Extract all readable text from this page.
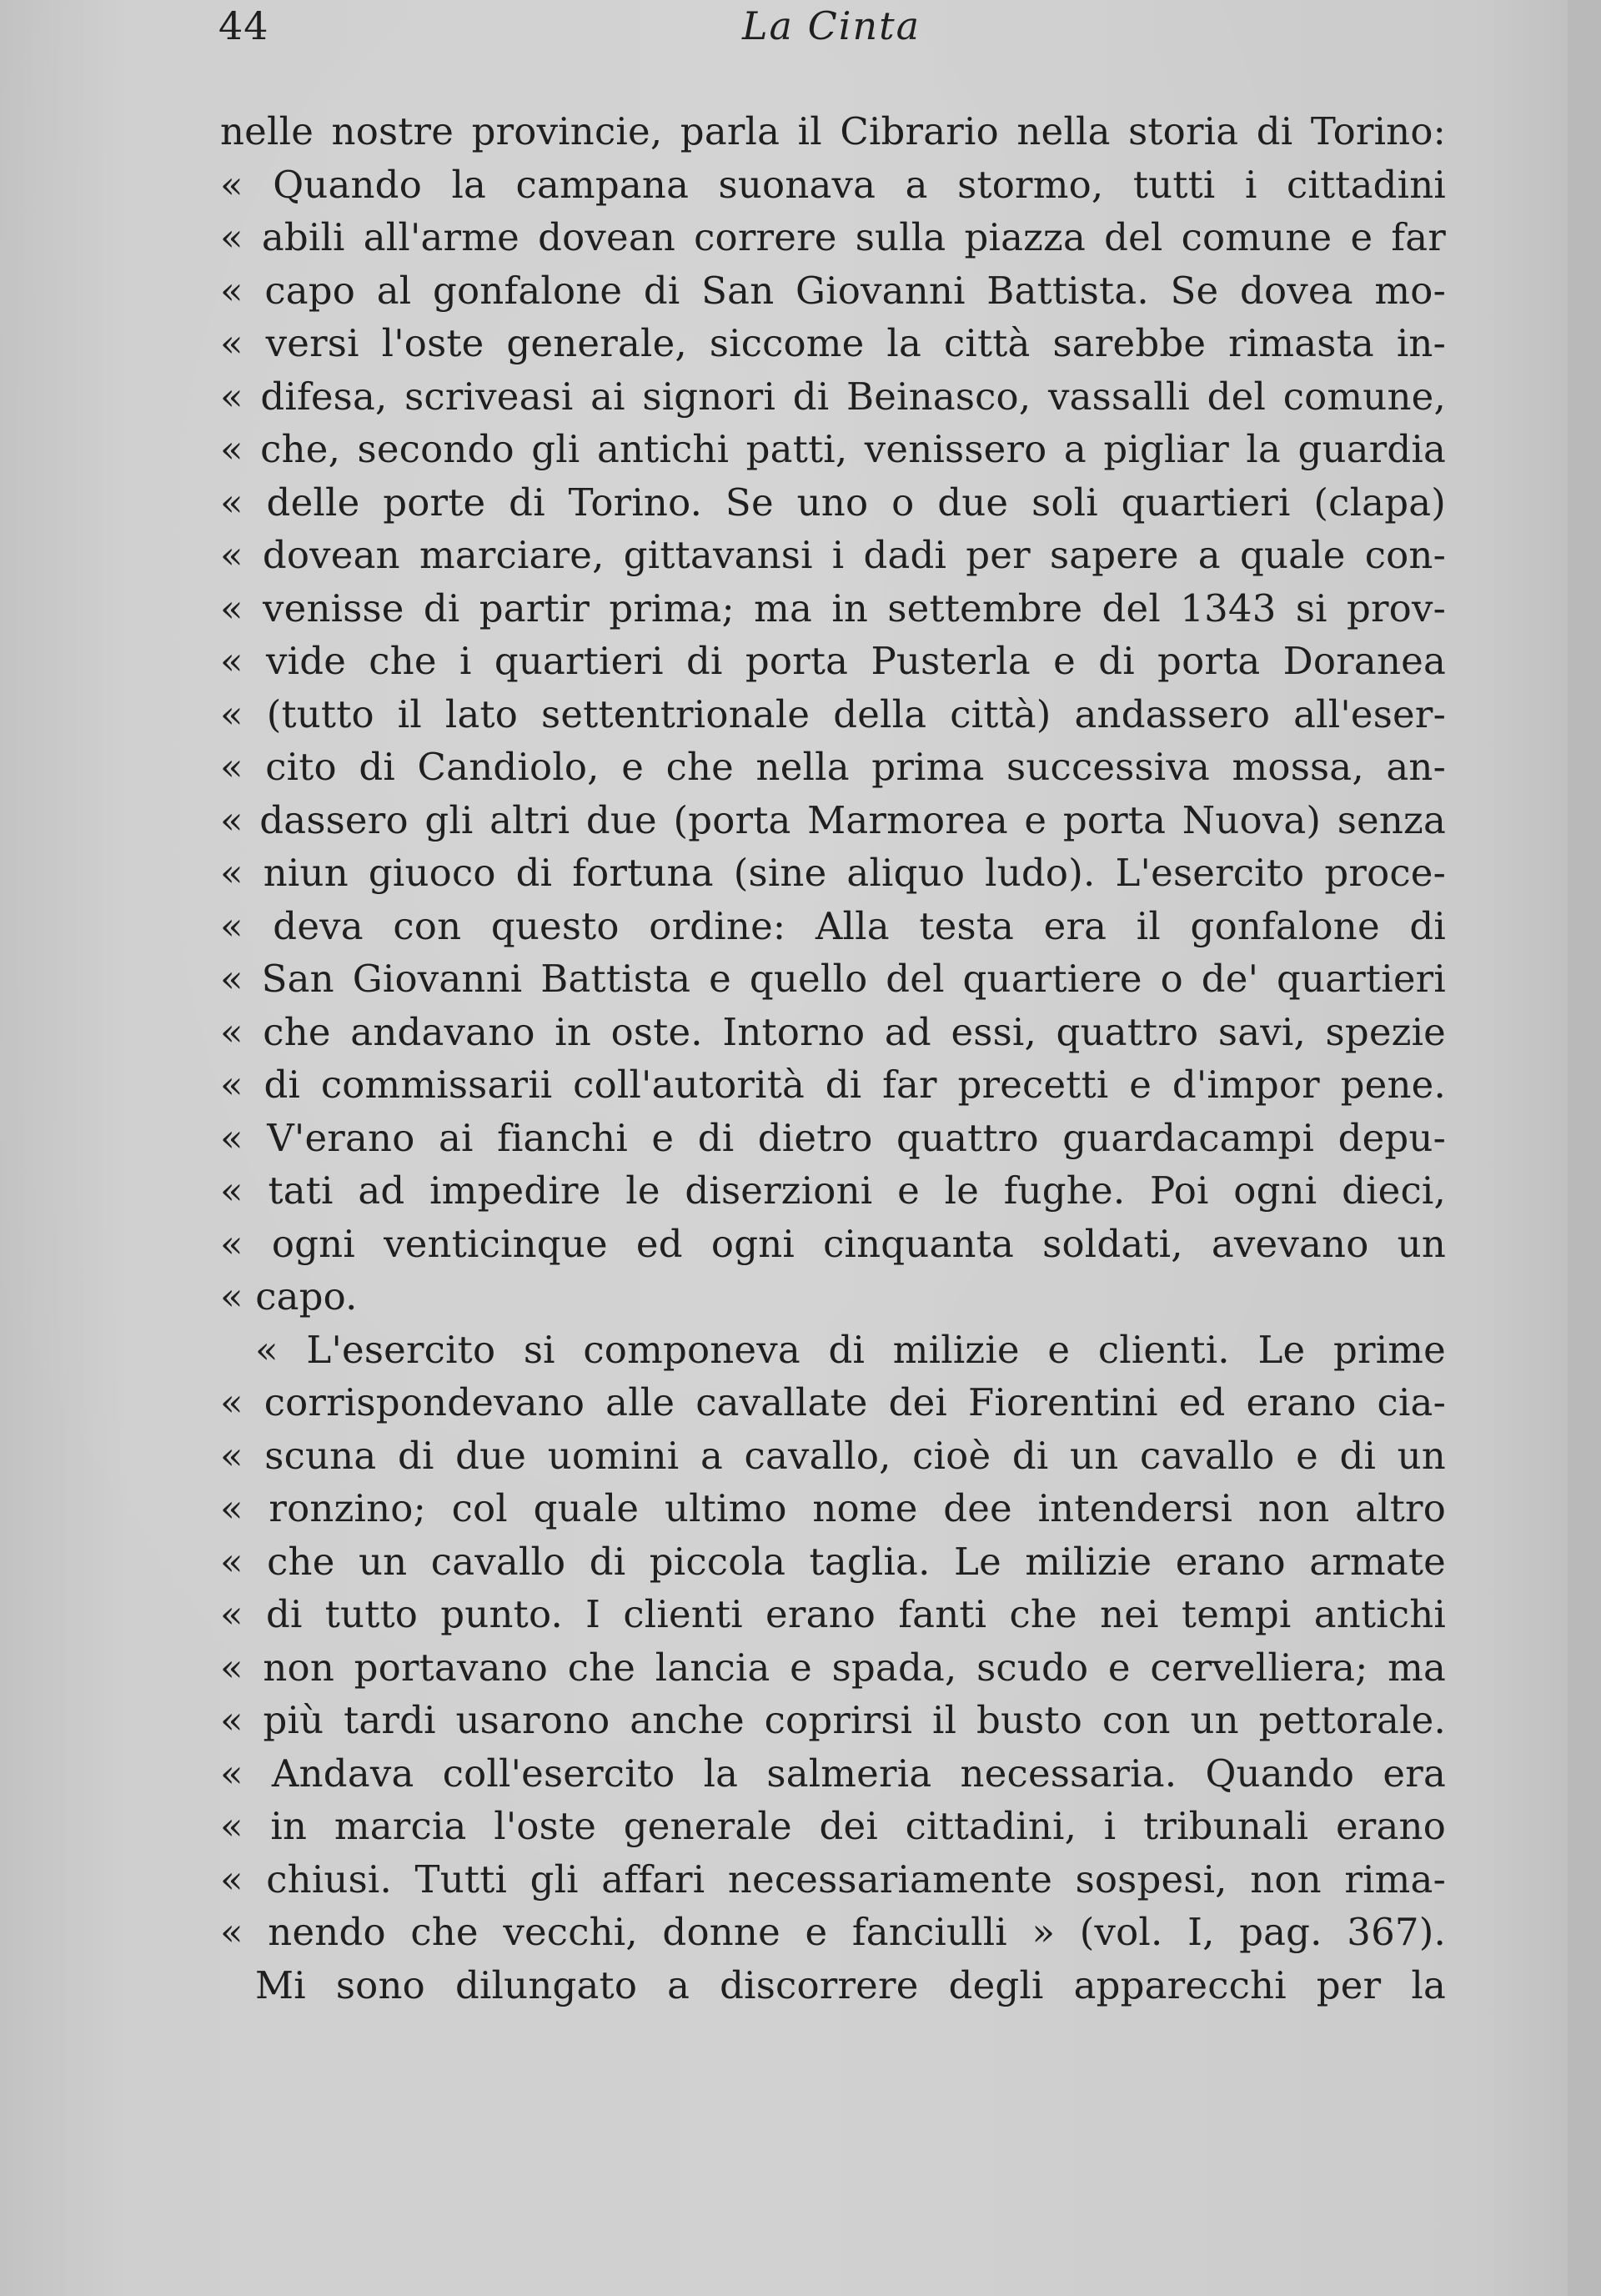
44	La Cinta
nelle nostre provincie, parla il Cibrario nella storia di Torino:
« Quando la campana suonava a stormo, tutti i cittadini
« abili all'arme dovean correre sulla piazza del comune e far
« capo al gonfalone di San Giovanni Battista. Se dovea mo-
« versi l'oste generale, siccome la città sarebbe rimasta in-
« difesa, scriveasi ai signori di Beinasco, vassalli del comune,
« che, secondo gli antichi patti, venissero a pigliar la guardia
« delle porte di Torino. Se uno o due soli quartieri (clapa)
« dovean marciare, gittavansi i dadi per sapere a quale con-
« venisse di partir prima; ma in settembre del 1343 si prov-
« vide che i quartieri di porta Pusterla e di porta Doranea
« (tutto il lato settentrionale della città) andassero all'eser-
« cito di Candiolo, e che nella prima successiva mossa, an-
« dassero gli altri due (porta Marmorea e porta Nuova) senza
« niun giuoco di fortuna (sine aliquo ludo). L'esercito proce-
« deva con questo ordine: Alla testa era il gonfalone di
« San Giovanni Battista e quello del quartiere o de' quartieri
« che andavano in oste. Intorno ad essi, quattro savi, spezie
« di commissarii coll'autorità di far precetti e d'impor pene.
« V'erano ai fianchi e di dietro quattro guardacampi depu-
« tati ad impedire le diserzioni e le fughe. Poi ogni dieci,
« ogni venticinque ed ogni cinquanta soldati, avevano un
« capo.
« L'esercito si componeva di milizie e clienti. Le prime
« corrispondevano alle cavallate dei Fiorentini ed erano cia-
« scuna di due uomini a cavallo, cioè di un cavallo e di un
« ronzino; col quale ultimo nome dee intendersi non altro
« che un cavallo di piccola taglia. Le milizie erano armate
« di tutto punto. I clienti erano fanti che nei tempi antichi
« non portavano che lancia e spada, scudo e cervelliera; ma
« più tardi usarono anche coprirsi il busto con un pettorale.
« Andava coll'esercito la salmeria necessaria. Quando era
« in marcia l'oste generale dei cittadini, i tribunali erano
« chiusi. Tutti gli affari necessariamente sospesi, non rima-
« nendo che vecchi, donne e fanciulli » (vol. I, pag. 367).
Mi sono dilungato a discorrere degli apparecchi per la
